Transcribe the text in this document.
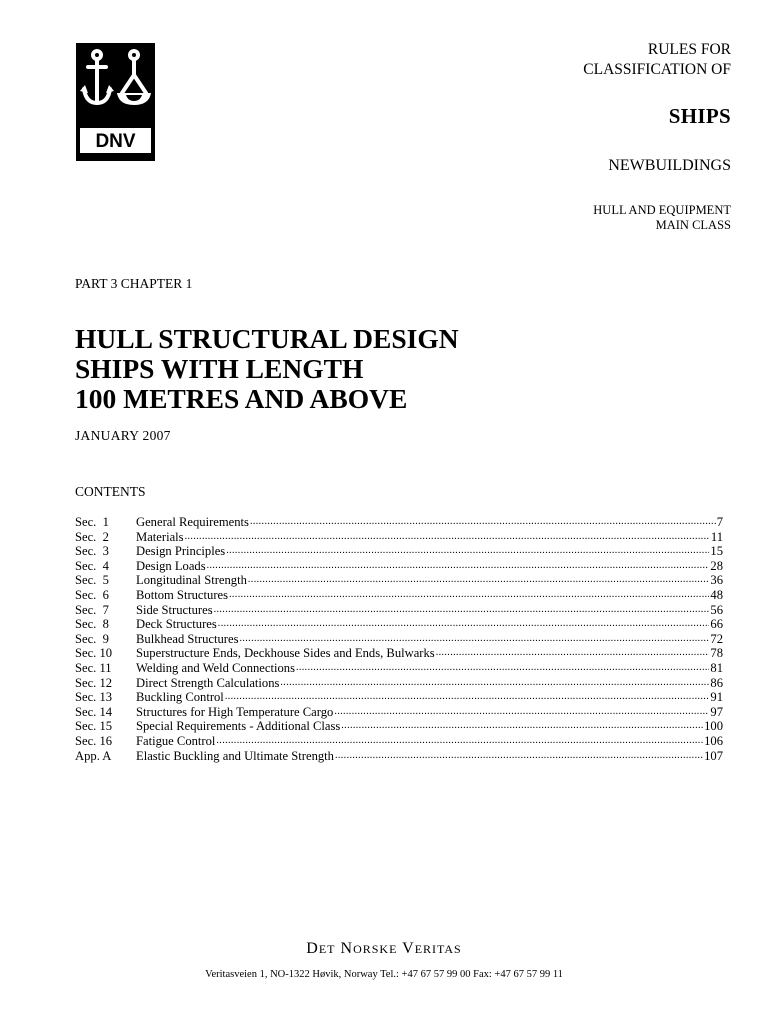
DNV
RULES FOR
CLASSIFICATION OF
SHIPS
NEWBUILDINGS
HULL AND EQUIPMENT
MAIN CLASS
PART 3 CHAPTER 1
HULL STRUCTURAL DESIGN
SHIPS WITH LENGTH
100 METRES AND ABOVE
JANUARY 2007
CONTENTS
Sec.  1	General Requirements .....	7
Sec.  2	Materials .....	11
Sec.  3	Design Principles .....	15
Sec.  4	Design Loads .....	28
Sec.  5	Longitudinal Strength .....	36
Sec.  6	Bottom Structures .....	48
Sec.  7	Side Structures .....	56
Sec.  8	Deck Structures .....	66
Sec.  9	Bulkhead Structures .....	72
Sec. 10	Superstructure Ends, Deckhouse Sides and Ends, Bulwarks .....	78
Sec. 11	Welding and Weld Connections .....	81
Sec. 12	Direct Strength Calculations .....	86
Sec. 13	Buckling Control .....	91
Sec. 14	Structures for High Temperature Cargo .....	97
Sec. 15	Special Requirements - Additional Class .....	100
Sec. 16	Fatigue Control .....	106
App. A	Elastic Buckling and Ultimate Strength .....	107
DET NORSKE VERITAS
Veritasveien 1, NO-1322 Høvik, Norway Tel.: +47 67 57 99 00 Fax: +47 67 57 99 11
